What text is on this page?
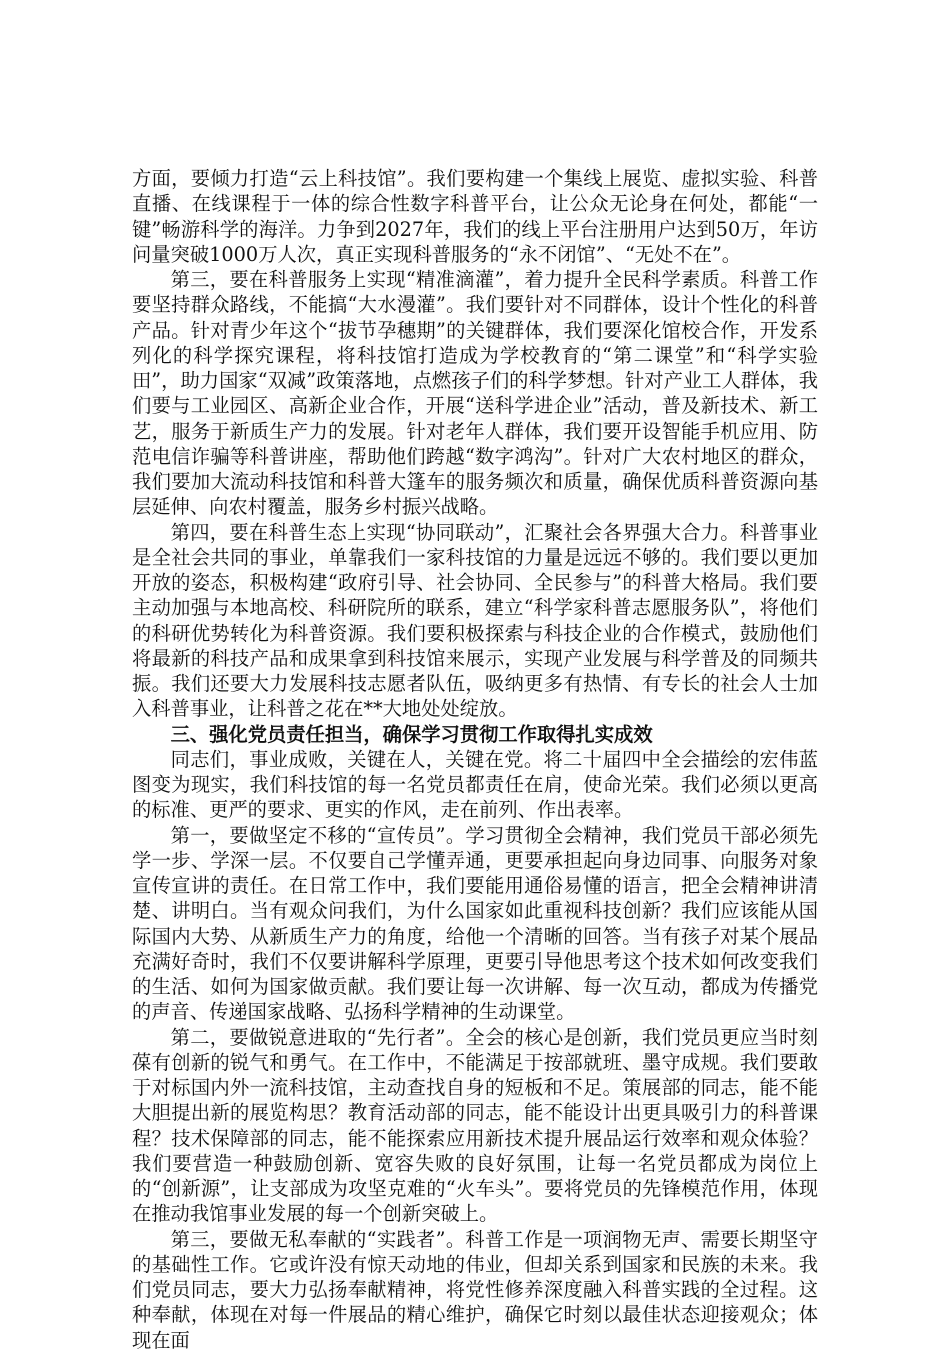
方面，要倾力打造“云上科技馆”。我们要构建一个集线上展览、虚拟实验、科普直播、在线课程于一体的综合性数字科普平台，让公众无论身在何处，都能“一键”畅游科学的海洋。力争到2027年，我们的线上平台注册用户达到50万，年访问量突破1000万人次，真正实现科普服务的“永不闭馆”、“无处不在”。

第三，要在科普服务上实现“精准滴灌”，着力提升全民科学素质。科普工作要坚持群众路线，不能搞“大水漫灌”。我们要针对不同群体，设计个性化的科普产品。针对青少年这个“拔节孕穗期”的关键群体，我们要深化馆校合作，开发系列化的科学探究课程，将科技馆打造成为学校教育的“第二课堂”和“科学实验田”，助力国家“双减”政策落地，点燃孩子们的科学梦想。针对产业工人群体，我们要与工业园区、高新企业合作，开展“送科学进企业”活动，普及新技术、新工艺，服务于新质生产力的发展。针对老年人群体，我们要开设智能手机应用、防范电信诈骗等科普讲座，帮助他们跨越“数字鸿沟”。针对广大农村地区的群众，我们要加大流动科技馆和科普大篷车的服务频次和质量，确保优质科普资源向基层延伸、向农村覆盖，服务乡村振兴战略。

第四，要在科普生态上实现“协同联动”，汇聚社会各界强大合力。科普事业是全社会共同的事业，单靠我们一家科技馆的力量是远远不够的。我们要以更加开放的姿态，积极构建“政府引导、社会协同、全民参与”的科普大格局。我们要主动加强与本地高校、科研院所的联系，建立“科学家科普志愿服务队”，将他们的科研优势转化为科普资源。我们要积极探索与科技企业的合作模式，鼓励他们将最新的科技产品和成果拿到科技馆来展示，实现产业发展与科学普及的同频共振。我们还要大力发展科技志愿者队伍，吸纳更多有热情、有专长的社会人士加入科普事业，让科普之花在**大地处处绽放。

三、强化党员责任担当，确保学习贯彻工作取得扎实成效

同志们，事业成败，关键在人，关键在党。将二十届四中全会描绘的宏伟蓝图变为现实，我们科技馆的每一名党员都责任在肩，使命光荣。我们必须以更高的标准、更严的要求、更实的作风，走在前列、作出表率。

第一，要做坚定不移的“宣传员”。学习贯彻全会精神，我们党员干部必须先学一步、学深一层。不仅要自己学懂弄通，更要承担起向身边同事、向服务对象宣传宣讲的责任。在日常工作中，我们要能用通俗易懂的语言，把全会精神讲清楚、讲明白。当有观众问我们，为什么国家如此重视科技创新？我们应该能从国际国内大势、从新质生产力的角度，给他一个清晰的回答。当有孩子对某个展品充满好奇时，我们不仅要讲解科学原理，更要引导他思考这个技术如何改变我们的生活、如何为国家做贡献。我们要让每一次讲解、每一次互动，都成为传播党的声音、传递国家战略、弘扬科学精神的生动课堂。

第二，要做锐意进取的“先行者”。全会的核心是创新，我们党员更应当时刻葆有创新的锐气和勇气。在工作中，不能满足于按部就班、墨守成规。我们要敢于对标国内外一流科技馆，主动查找自身的短板和不足。策展部的同志，能不能大胆提出新的展览构思？教育活动部的同志，能不能设计出更具吸引力的科普课程？技术保障部的同志，能不能探索应用新技术提升展品运行效率和观众体验？我们要营造一种鼓励创新、宽容失败的良好氛围，让每一名党员都成为岗位上的“创新源”，让支部成为攻坚克难的“火车头”。要将党员的先锋模范作用，体现在推动我馆事业发展的每一个创新突破上。

第三，要做无私奉献的“实践者”。科普工作是一项润物无声、需要长期坚守的基础性工作。它或许没有惊天动地的伟业，但却关系到国家和民族的未来。我们党员同志，要大力弘扬奉献精神，将党性修养深度融入科普实践的全过程。这种奉献，体现在对每一件展品的精心维护，确保它时刻以最佳状态迎接观众；体现在面
